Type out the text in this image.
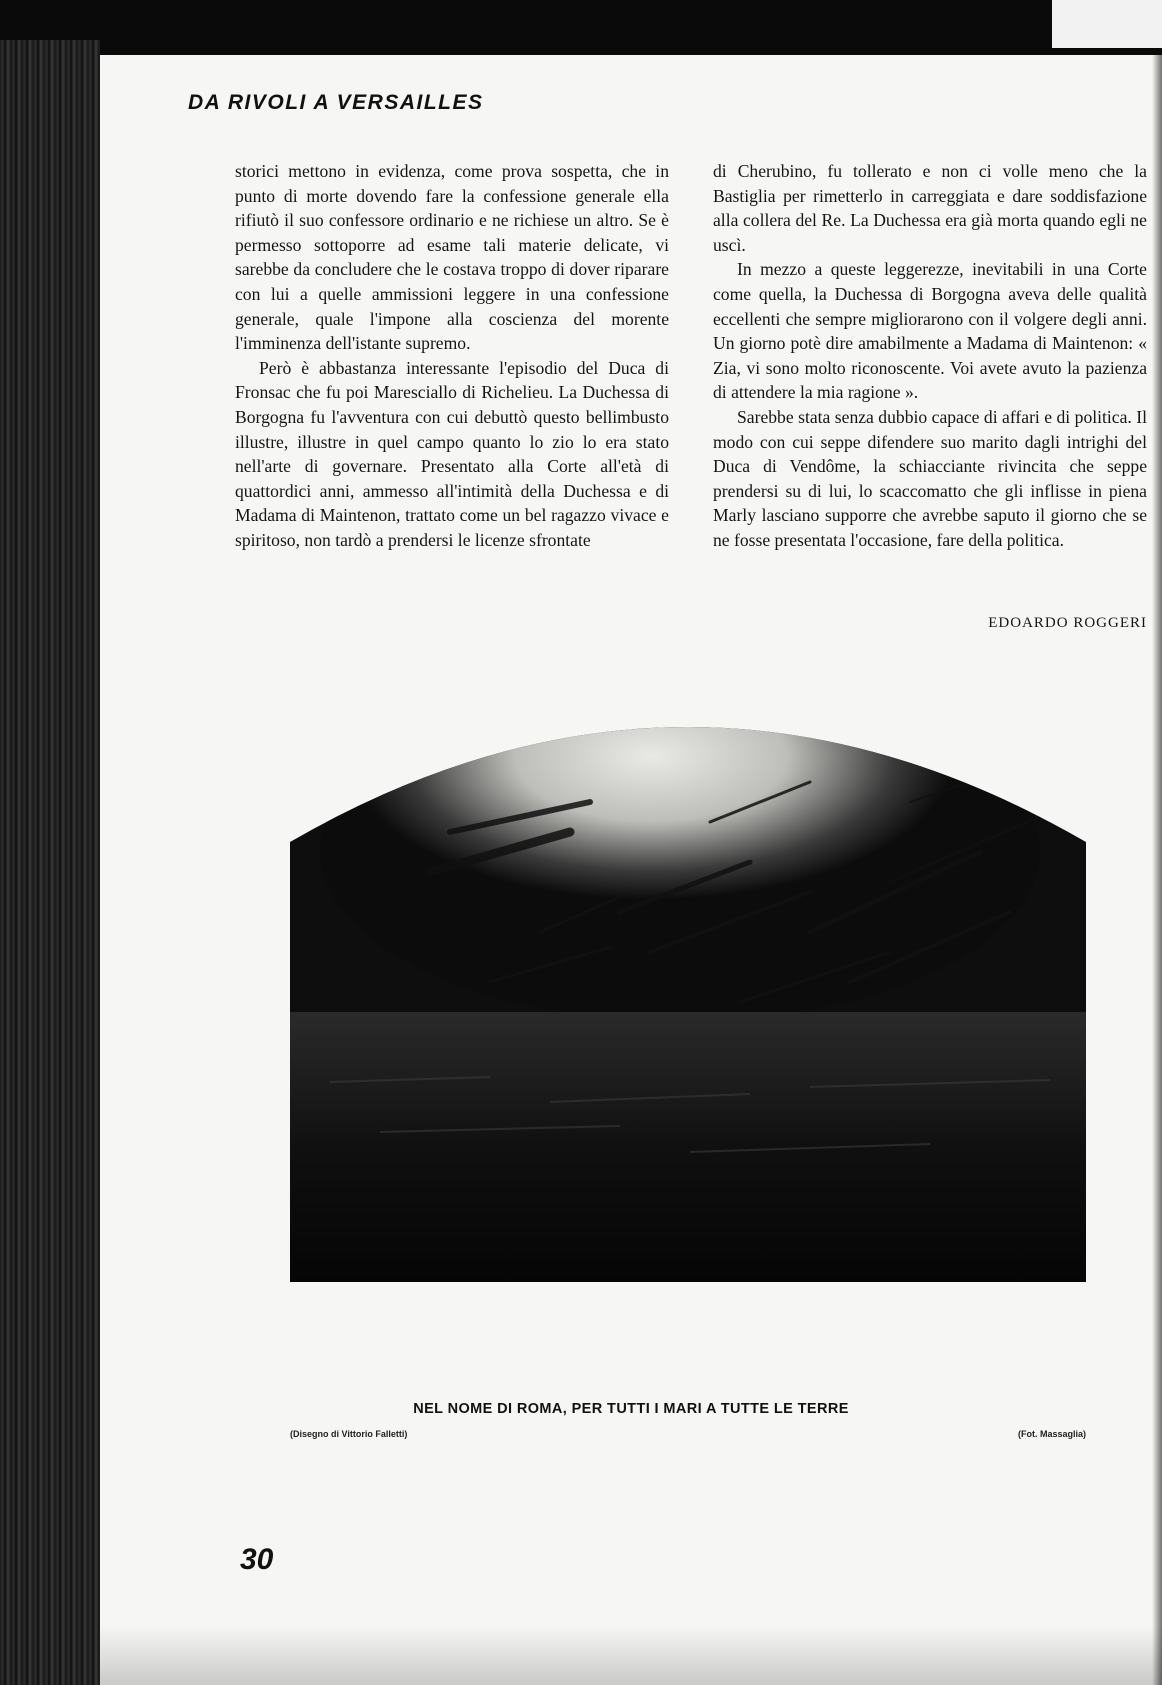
DA RIVOLI A VERSAILLES

storici mettono in evidenza, come prova sospetta, che in punto di morte dovendo fare la confessione generale ella rifiutò il suo confessore ordinario e ne richiese un altro. Se è permesso sottoporre ad esame tali materie delicate, vi sarebbe da concludere che le costava troppo di dover riparare con lui a quelle ammissioni leggere in una confessione generale, quale l'impone alla coscienza del morente l'imminenza dell'istante supremo.

Però è abbastanza interessante l'episodio del Duca di Fronsac che fu poi Maresciallo di Richelieu. La Duchessa di Borgogna fu l'avventura con cui debuttò questo bellimbusto illustre, illustre in quel campo quanto lo zio lo era stato nell'arte di governare. Presentato alla Corte all'età di quattordici anni, ammesso all'intimità della Duchessa e di Madama di Maintenon, trattato come un bel ragazzo vivace e spiritoso, non tardò a prendersi le licenze sfrontate

di Cherubino, fu tollerato e non ci volle meno che la Bastiglia per rimetterlo in carreggiata e dare soddisfazione alla collera del Re. La Duchessa era già morta quando egli ne uscì.

In mezzo a queste leggerezze, inevitabili in una Corte come quella, la Duchessa di Borgogna aveva delle qualità eccellenti che sempre migliorarono con il volgere degli anni. Un giorno potè dire amabilmente a Madama di Maintenon: « Zia, vi sono molto riconoscente. Voi avete avuto la pazienza di attendere la mia ragione ».

Sarebbe stata senza dubbio capace di affari e di politica. Il modo con cui seppe difendere suo marito dagli intrighi del Duca di Vendôme, la schiacciante rivincita che seppe prendersi su di lui, lo scaccomatto che gli inflisse in piena Marly lasciano supporre che avrebbe saputo il giorno che se ne fosse presentata l'occasione, fare della politica.

EDOARDO ROGGERI
NEL NOME DI ROMA, PER TUTTI I MARI A TUTTE LE TERRE
(Disegno di Vittorio Falletti)	(Fot. Massaglia)
30
